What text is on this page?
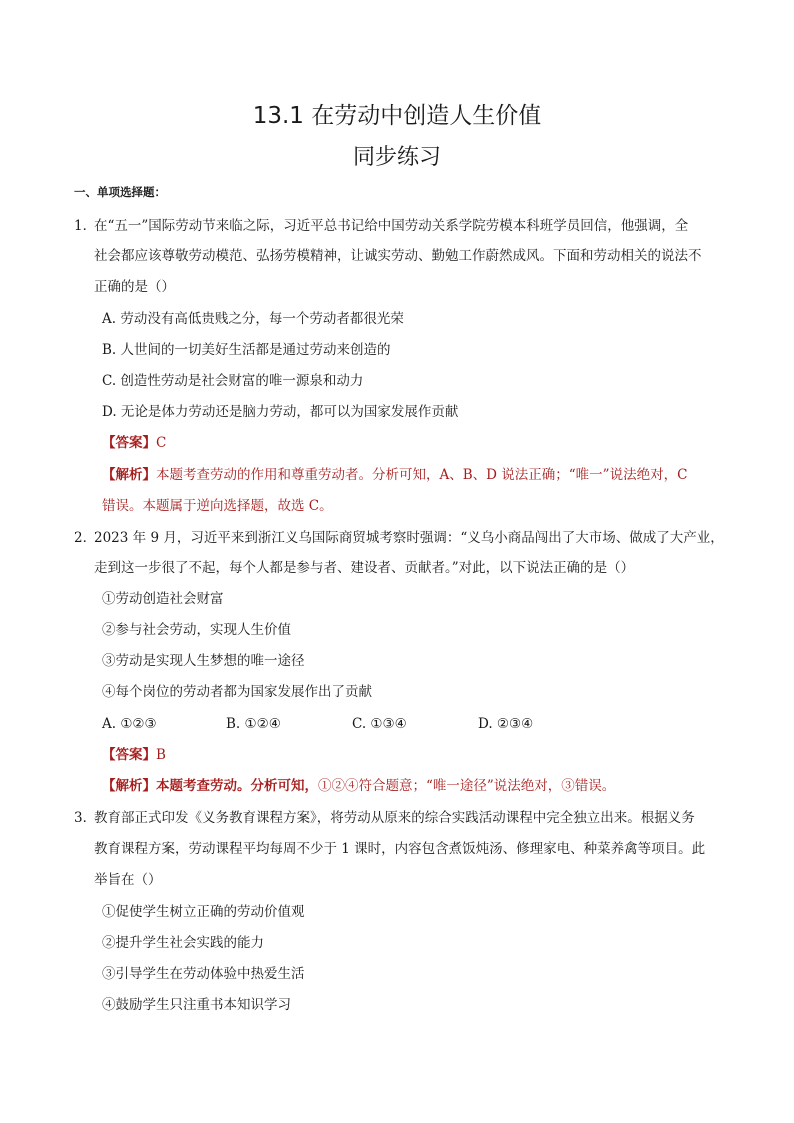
13.1 在劳动中创造人生价值
同步练习
一、单项选择题：
1．
在“五一”国际劳动节来临之际，习近平总书记给中国劳动关系学院劳模本科班学员回信，他强调，全
社会都应该尊敬劳动模范、弘扬劳模精神，让诚实劳动、勤勉工作蔚然成风。下面和劳动相关的说法不
正确的是（）
A. 劳动没有高低贵贱之分，每一个劳动者都很光荣
B. 人世间的一切美好生活都是通过劳动来创造的
C. 创造性劳动是社会财富的唯一源泉和动力
D. 无论是体力劳动还是脑力劳动，都可以为国家发展作贡献
【答案】C
【解析】本题考查劳动的作用和尊重劳动者。分析可知，A、B、D 说法正确；“唯一”说法绝对，C
错误。本题属于逆向选择题，故选 C。
2．
2023 年 9 月，习近平来到浙江义乌国际商贸城考察时强调：“义乌小商品闯出了大市场、做成了大产业，
走到这一步很了不起，每个人都是参与者、建设者、贡献者。”对此，以下说法正确的是（）
①劳动创造社会财富
②参与社会劳动，实现人生价值
③劳动是实现人生梦想的唯一途径
④每个岗位的劳动者都为国家发展作出了贡献
A. ①②③	B. ①②④	C. ①③④	D. ②③④
【答案】B
【解析】本题考查劳动。分析可知，①②④符合题意；“唯一途径”说法绝对，③错误。
3．
教育部正式印发《义务教育课程方案》，将劳动从原来的综合实践活动课程中完全独立出来。根据义务
教育课程方案，劳动课程平均每周不少于 1 课时，内容包含煮饭炖汤、修理家电、种菜养禽等项目。此
举旨在（）
①促使学生树立正确的劳动价值观
②提升学生社会实践的能力
③引导学生在劳动体验中热爱生活
④鼓励学生只注重书本知识学习
